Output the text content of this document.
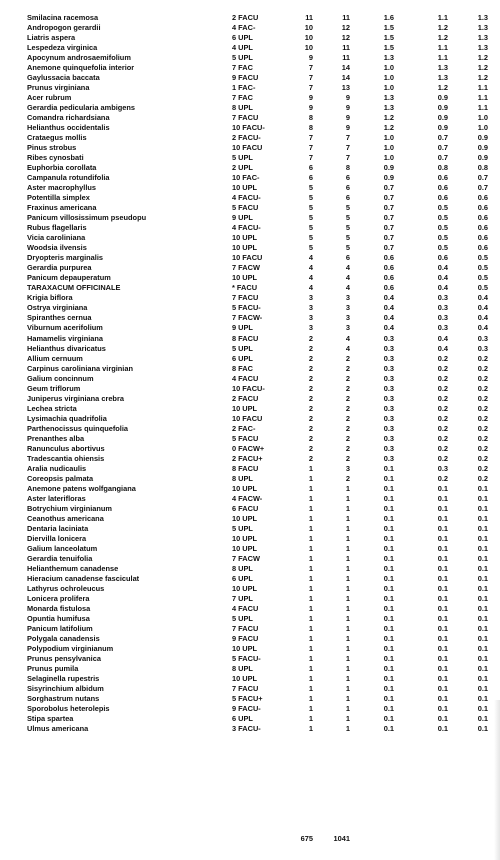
Smilacina racemosa	2 FACU	11	11	1.6	1.1	1.3
Andropogon gerardii	4 FAC-	10	12	1.5	1.2	1.3
Liatris aspera	6 UPL	10	12	1.5	1.2	1.3
Lespedeza virginica	4 UPL	10	11	1.5	1.1	1.3
Apocynum androsaemifolium	5 UPL	9	11	1.3	1.1	1.2
Anemone quinquefolia interior	7 FAC	7	14	1.0	1.3	1.2
Gaylussacia baccata	9 FACU	7	14	1.0	1.3	1.2
Prunus virginiana	1 FAC-	7	13	1.0	1.2	1.1
Acer rubrum	7 FAC	9	9	1.3	0.9	1.1
Gerardia pedicularia ambigens	8 UPL	9	9	1.3	0.9	1.1
Comandra richardsiana	7 FACU	8	9	1.2	0.9	1.0
Helianthus occidentalis	10 FACU-	8	9	1.2	0.9	1.0
Crataegus mollis	2 FACU-	7	7	1.0	0.7	0.9
Pinus strobus	10 FACU	7	7	1.0	0.7	0.9
Ribes cynosbati	5 UPL	7	7	1.0	0.7	0.9
Euphorbia corollata	2 UPL	6	8	0.9	0.8	0.8
Campanula rotundifolia	10 FAC-	6	6	0.9	0.6	0.7
Aster macrophyllus	10 UPL	5	6	0.7	0.6	0.7
Potentilla simplex	4 FACU-	5	6	0.7	0.6	0.6
Fraxinus americana	5 FACU	5	5	0.7	0.5	0.6
Panicum villosissimum pseudopu	9 UPL	5	5	0.7	0.5	0.6
Rubus flagellaris	4 FACU-	5	5	0.7	0.5	0.6
Vicia caroliniana	10 UPL	5	5	0.7	0.5	0.6
Woodsia ilvensis	10 UPL	5	5	0.7	0.5	0.6
Dryopteris marginalis	10 FACU	4	6	0.6	0.6	0.5
Gerardia purpurea	7 FACW	4	4	0.6	0.4	0.5
Panicum depauperatum	10 UPL	4	4	0.6	0.4	0.5
TARAXACUM OFFICINALE	* FACU	4	4	0.6	0.4	0.5
Krigia biflora	7 FACU	3	3	0.4	0.3	0.4
Ostrya virginiana	5 FACU-	3	3	0.4	0.3	0.4
Spiranthes cernua	7 FACW-	3	3	0.4	0.3	0.4
Viburnum acerifolium	9 UPL	3	3	0.4	0.3	0.4
Hamamelis virginiana	8 FACU	2	4	0.3	0.4	0.3
Helianthus divaricatus	5 UPL	2	4	0.3	0.4	0.3
Allium cernuum	6 UPL	2	2	0.3	0.2	0.2
Carpinus caroliniana virginian	8 FAC	2	2	0.3	0.2	0.2
Galium concinnum	4 FACU	2	2	0.3	0.2	0.2
Geum triflorum	10 FACU-	2	2	0.3	0.2	0.2
Juniperus virginiana crebra	2 FACU	2	2	0.3	0.2	0.2
Lechea stricta	10 UPL	2	2	0.3	0.2	0.2
Lysimachia quadrifolia	10 FACU	2	2	0.3	0.2	0.2
Parthenocissus quinquefolia	2 FAC-	2	2	0.3	0.2	0.2
Prenanthes alba	5 FACU	2	2	0.3	0.2	0.2
Ranunculus abortivus	0 FACW+	2	2	0.3	0.2	0.2
Tradescantia ohiensis	2 FACU+	2	2	0.3	0.2	0.2
Aralia nudicaulis	8 FACU	1	3	0.1	0.3	0.2
Coreopsis palmata	8 UPL	1	2	0.1	0.2	0.2
Anemone patens wolfgangiana	10 UPL	1	1	0.1	0.1	0.1
Aster laterifloras	4 FACW-	1	1	0.1	0.1	0.1
Botrychium virginianum	6 FACU	1	1	0.1	0.1	0.1
Ceanothus americana	10 UPL	1	1	0.1	0.1	0.1
Dentaria laciniata	5 UPL	1	1	0.1	0.1	0.1
Diervilla lonicera	10 UPL	1	1	0.1	0.1	0.1
Galium lanceolatum	10 UPL	1	1	0.1	0.1	0.1
Gerardia tenuifolia	7 FACW	1	1	0.1	0.1	0.1
Helianthemum canadense	8 UPL	1	1	0.1	0.1	0.1
Hieracium canadense fasciculat	6 UPL	1	1	0.1	0.1	0.1
Lathyrus ochroleucus	10 UPL	1	1	0.1	0.1	0.1
Lonicera prolifera	7 UPL	1	1	0.1	0.1	0.1
Monarda fistulosa	4 FACU	1	1	0.1	0.1	0.1
Opuntia humifusa	5 UPL	1	1	0.1	0.1	0.1
Panicum latifolium	7 FACU	1	1	0.1	0.1	0.1
Polygala canadensis	9 FACU	1	1	0.1	0.1	0.1
Polypodium virginianum	10 UPL	1	1	0.1	0.1	0.1
Prunus pensylvanica	5 FACU-	1	1	0.1	0.1	0.1
Prunus pumila	8 UPL	1	1	0.1	0.1	0.1
Selaginella rupestris	10 UPL	1	1	0.1	0.1	0.1
Sisyrinchium albidum	7 FACU	1	1	0.1	0.1	0.1
Sorghastrum nutans	5 FACU+	1	1	0.1	0.1	0.1
Sporobolus heterolepis	9 FACU-	1	1	0.1	0.1	0.1
Stipa spartea	6 UPL	1	1	0.1	0.1	0.1
Ulmus americana	3 FACU-	1	1	0.1	0.1	0.1
675	1041
